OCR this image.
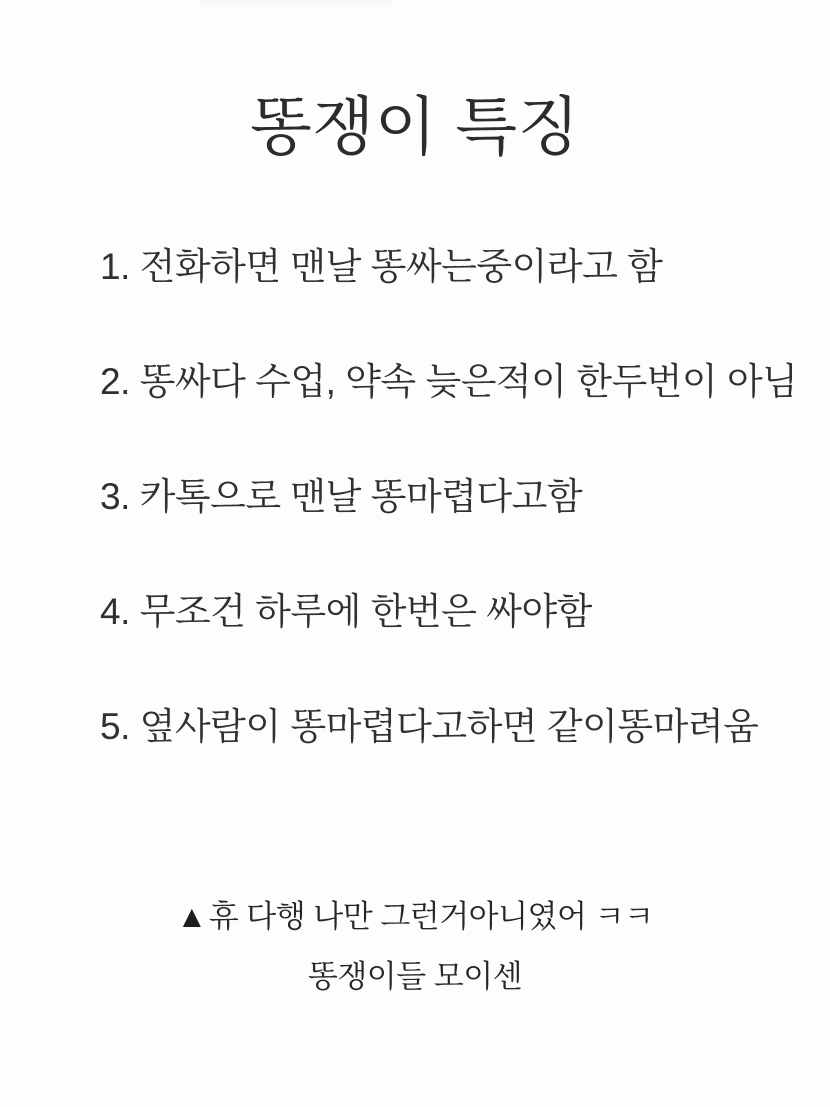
똥쟁이 특징
1. 전화하면 맨날 똥싸는중이라고 함
2. 똥싸다 수업, 약속 늦은적이 한두번이 아님
3. 카톡으로 맨날 똥마렵다고함
4. 무조건 하루에 한번은 싸야함
5. 옆사람이 똥마렵다고하면 같이똥마려움
▲휴 다행 나만 그런거아니였어 ㅋㅋ
똥쟁이들 모이센
